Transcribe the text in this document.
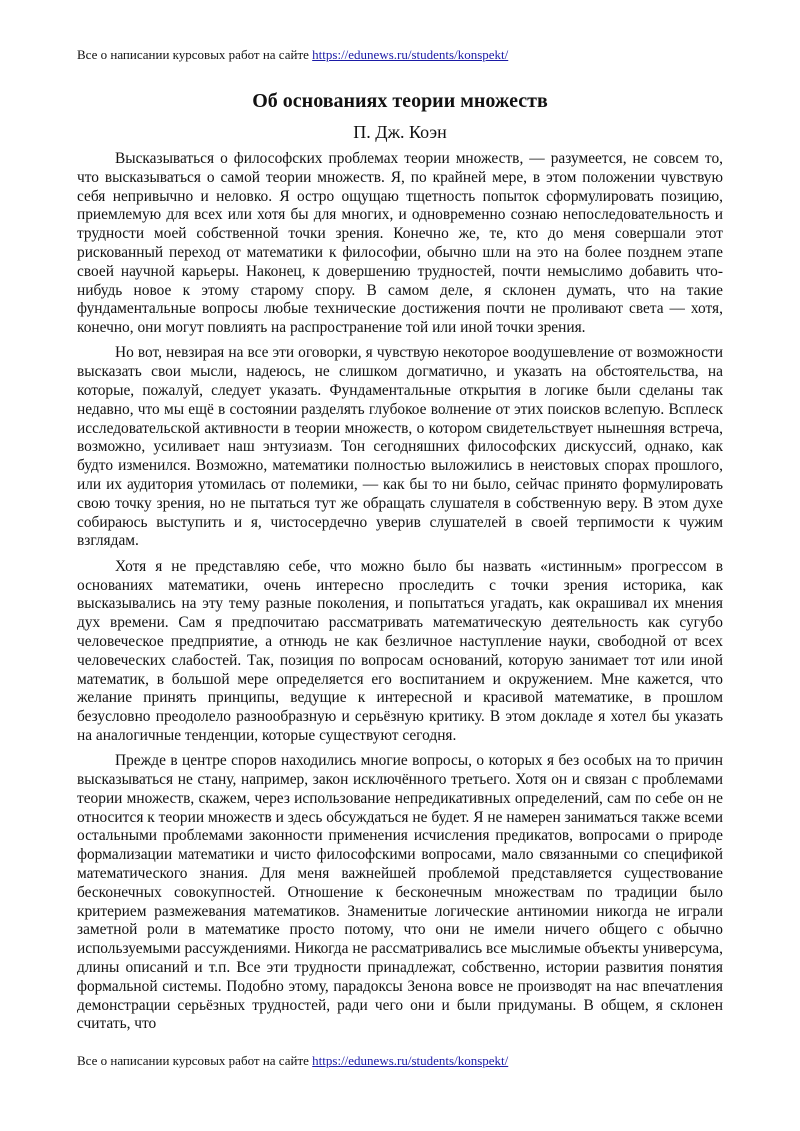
Все о написании курсовых работ на сайте https://edunews.ru/students/konspekt/
Об основаниях теории множеств
П. Дж. Коэн

Высказываться о философских проблемах теории множеств, — разумеется, не совсем то, что высказываться о самой теории множеств. Я, по крайней мере, в этом положении чувствую себя непривычно и неловко. Я остро ощущаю тщетность попыток сформулировать позицию, приемлемую для всех или хотя бы для многих, и одновременно сознаю непоследовательность и трудности моей собственной точки зрения. Конечно же, те, кто до меня совершали этот рискованный переход от математики к философии, обычно шли на это на более позднем этапе своей научной карьеры. Наконец, к довершению трудностей, почти немыслимо добавить что-нибудь новое к этому старому спору. В самом деле, я склонен думать, что на такие фундаментальные вопросы любые технические достижения почти не проливают света — хотя, конечно, они могут повлиять на распространение той или иной точки зрения.

Но вот, невзирая на все эти оговорки, я чувствую некоторое воодушевление от возможности высказать свои мысли, надеюсь, не слишком догматично, и указать на обстоятельства, на которые, пожалуй, следует указать. Фундаментальные открытия в логике были сделаны так недавно, что мы ещё в состоянии разделять глубокое волнение от этих поисков вслепую. Всплеск исследовательской активности в теории множеств, о котором свидетельствует нынешняя встреча, возможно, усиливает наш энтузиазм. Тон сегодняшних философских дискуссий, однако, как будто изменился. Возможно, математики полностью выложились в неистовых спорах прошлого, или их аудитория утомилась от полемики, — как бы то ни было, сейчас принято формулировать свою точку зрения, но не пытаться тут же обращать слушателя в собственную веру. В этом духе собираюсь выступить и я, чистосердечно уверив слушателей в своей терпимости к чужим взглядам.

Хотя я не представляю себе, что можно было бы назвать «истинным» прогрессом в основаниях математики, очень интересно проследить с точки зрения историка, как высказывались на эту тему разные поколения, и попытаться угадать, как окрашивал их мнения дух времени. Сам я предпочитаю рассматривать математическую деятельность как сугубо человеческое предприятие, а отнюдь не как безличное наступление науки, свободной от всех человеческих слабостей. Так, позиция по вопросам оснований, которую занимает тот или иной математик, в большой мере определяется его воспитанием и окружением. Мне кажется, что желание принять принципы, ведущие к интересной и красивой математике, в прошлом безусловно преодолело разнообразную и серьёзную критику. В этом докладе я хотел бы указать на аналогичные тенденции, которые существуют сегодня.

Прежде в центре споров находились многие вопросы, о которых я без особых на то причин высказываться не стану, например, закон исключённого третьего. Хотя он и связан с проблемами теории множеств, скажем, через использование непредикативных определений, сам по себе он не относится к теории множеств и здесь обсуждаться не будет. Я не намерен заниматься также всеми остальными проблемами законности применения исчисления предикатов, вопросами о природе формализации математики и чисто философскими вопросами, мало связанными со спецификой математического знания. Для меня важнейшей проблемой представляется существование бесконечных совокупностей. Отношение к бесконечным множествам по традиции было критерием размежевания математиков. Знаменитые логические антиномии никогда не играли заметной роли в математике просто потому, что они не имели ничего общего с обычно используемыми рассуждениями. Никогда не рассматривались все мыслимые объекты универсума, длины описаний и т.п. Все эти трудности принадлежат, собственно, истории развития понятия формальной системы. Подобно этому, парадоксы Зенона вовсе не производят на нас впечатления демонстрации серьёзных трудностей, ради чего они и были придуманы. В общем, я склонен считать, что

Все о написании курсовых работ на сайте https://edunews.ru/students/konspekt/
